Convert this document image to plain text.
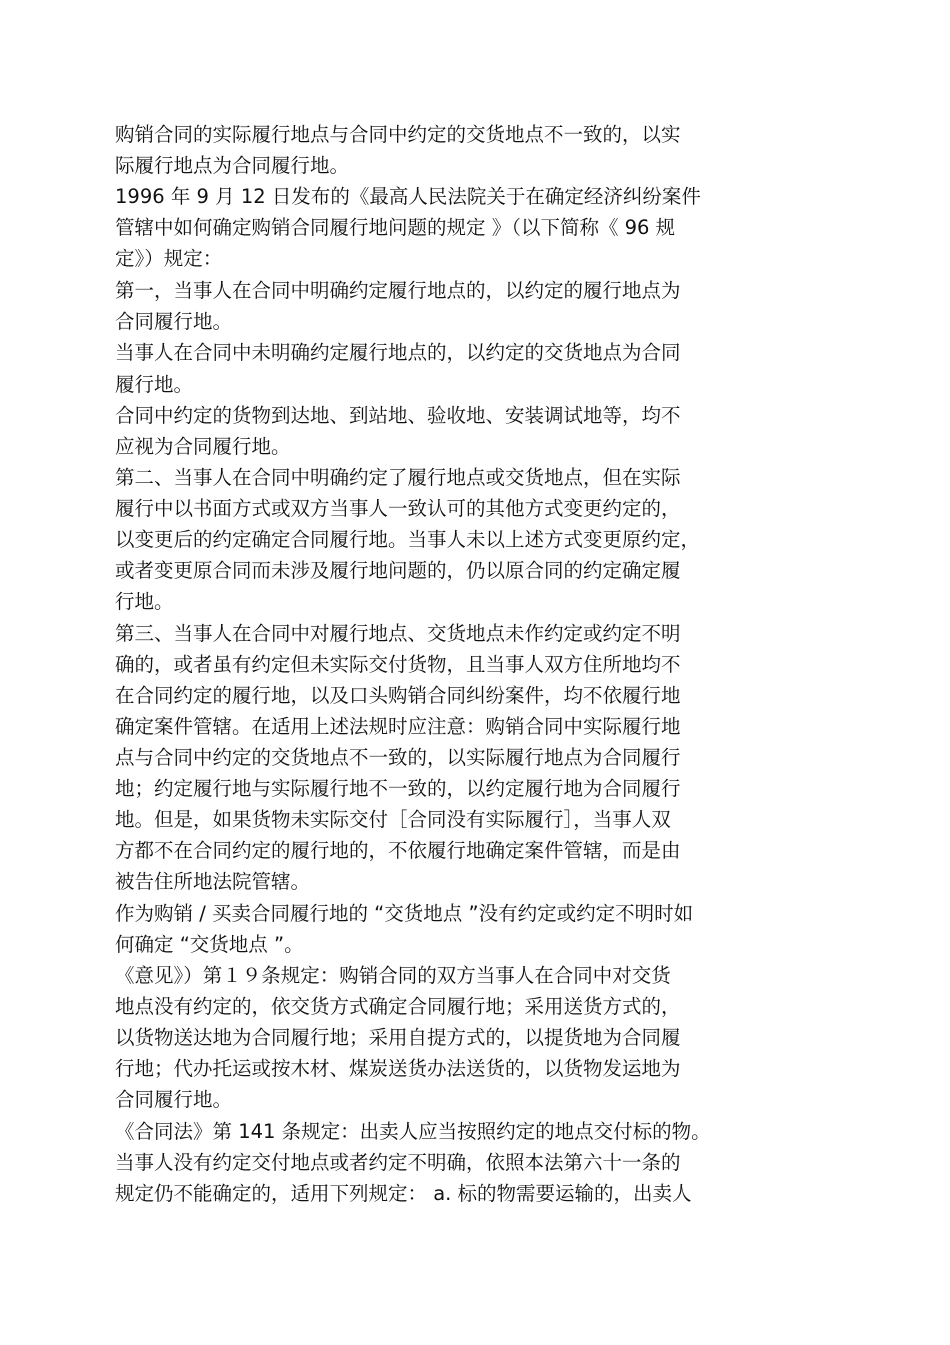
购销合同的实际履行地点与合同中约定的交货地点不一致的，以实
际履行地点为合同履行地。
1996 年 9 月 12 日发布的《最高人民法院关于在确定经济纠纷案件
管辖中如何确定购销合同履行地问题的规定 》（以下简称《 96 规
定》）规定：
第一，当事人在合同中明确约定履行地点的，以约定的履行地点为
合同履行地。
当事人在合同中未明确约定履行地点的，以约定的交货地点为合同
履行地。
合同中约定的货物到达地、到站地、验收地、安装调试地等，均不
应视为合同履行地。
第二、当事人在合同中明确约定了履行地点或交货地点，但在实际
履行中以书面方式或双方当事人一致认可的其他方式变更约定的，
以变更后的约定确定合同履行地。当事人未以上述方式变更原约定，
或者变更原合同而未涉及履行地问题的，仍以原合同的约定确定履
行地。
第三、当事人在合同中对履行地点、交货地点未作约定或约定不明
确的，或者虽有约定但未实际交付货物，且当事人双方住所地均不
在合同约定的履行地，以及口头购销合同纠纷案件，均不依履行地
确定案件管辖。在适用上述法规时应注意：购销合同中实际履行地
点与合同中约定的交货地点不一致的，以实际履行地点为合同履行
地；约定履行地与实际履行地不一致的，以约定履行地为合同履行
地。但是，如果货物未实际交付［合同没有实际履行］，当事人双
方都不在合同约定的履行地的，不依履行地确定案件管辖，而是由
被告住所地法院管辖。
作为购销 / 买卖合同履行地的 “交货地点 ”没有约定或约定不明时如
何确定 “交货地点 ”。
《意见》）第１９条规定：购销合同的双方当事人在合同中对交货
地点没有约定的，依交货方式确定合同履行地；采用送货方式的，
以货物送达地为合同履行地；采用自提方式的，以提货地为合同履
行地；代办托运或按木材、煤炭送货办法送货的，以货物发运地为
合同履行地。
《合同法》第 141 条规定：出卖人应当按照约定的地点交付标的物。
当事人没有约定交付地点或者约定不明确，依照本法第六十一条的
规定仍不能确定的，适用下列规定： a. 标的物需要运输的，出卖人
